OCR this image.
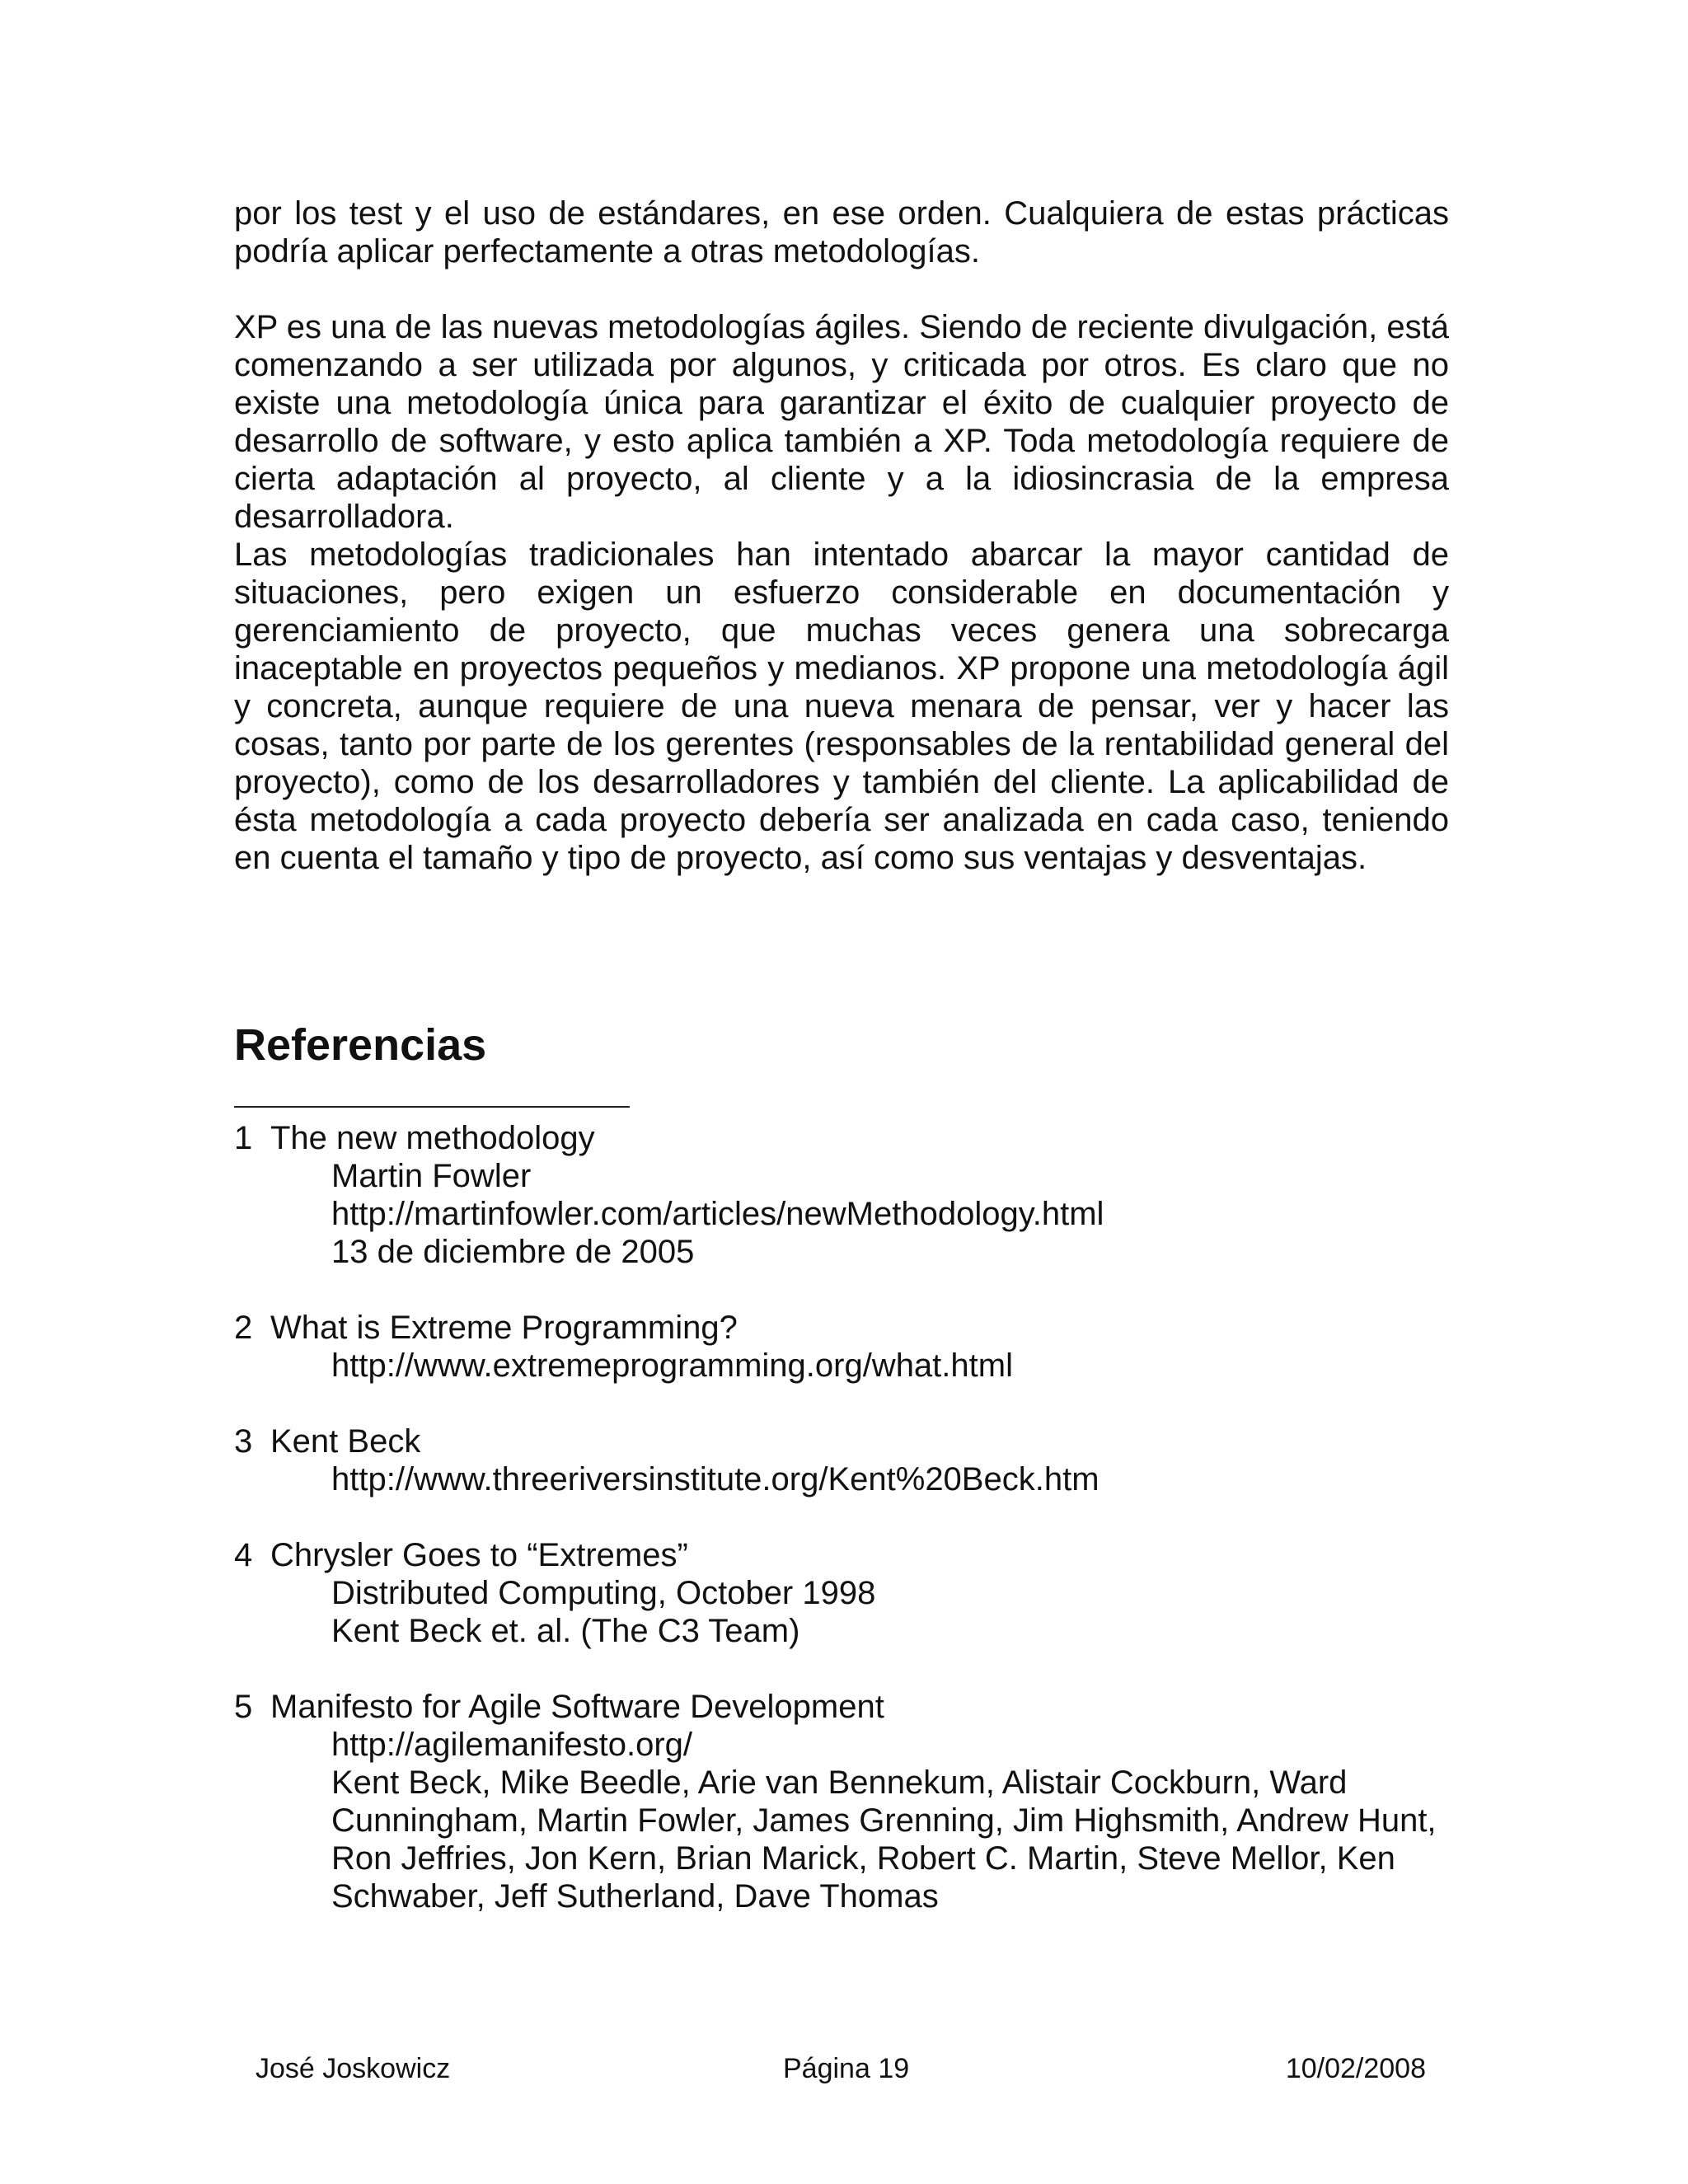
por los test y el uso de estándares, en ese orden. Cualquiera de estas prácticas podría aplicar perfectamente a otras metodologías.

XP es una de las nuevas metodologías ágiles. Siendo de reciente divulgación, está comenzando a ser utilizada por algunos, y criticada por otros. Es claro que no existe una metodología única para garantizar el éxito de cualquier proyecto de desarrollo de software, y esto aplica también a XP. Toda metodología requiere de cierta adaptación al proyecto, al cliente y a la idiosincrasia de la empresa desarrolladora.

Las metodologías tradicionales han intentado abarcar la mayor cantidad de situaciones, pero exigen un esfuerzo considerable en documentación y gerenciamiento de proyecto, que muchas veces genera una sobrecarga inaceptable en proyectos pequeños y medianos. XP propone una metodología ágil y concreta, aunque requiere de una nueva menara de pensar, ver y hacer las cosas, tanto por parte de los gerentes (responsables de la rentabilidad general del proyecto), como de los desarrolladores y también del cliente. La aplicabilidad de ésta metodología a cada proyecto debería ser analizada en cada caso, teniendo en cuenta el tamaño y tipo de proyecto, así como sus ventajas y desventajas.

Referencias
1 The new methodology
Martin Fowler
http://martinfowler.com/articles/newMethodology.html
13 de diciembre de 2005
2 What is Extreme Programming?
http://www.extremeprogramming.org/what.html
3 Kent Beck
http://www.threeriversinstitute.org/Kent%20Beck.htm
4 Chrysler Goes to “Extremes”
Distributed Computing, October 1998
Kent Beck et. al. (The C3 Team)
5 Manifesto for Agile Software Development
http://agilemanifesto.org/
Kent Beck, Mike Beedle, Arie van Bennekum, Alistair Cockburn, Ward
Cunningham, Martin Fowler, James Grenning, Jim Highsmith, Andrew Hunt,
Ron Jeffries, Jon Kern, Brian Marick, Robert C. Martin, Steve Mellor, Ken
Schwaber, Jeff Sutherland, Dave Thomas
José Joskowicz	Página 19	10/02/2008
